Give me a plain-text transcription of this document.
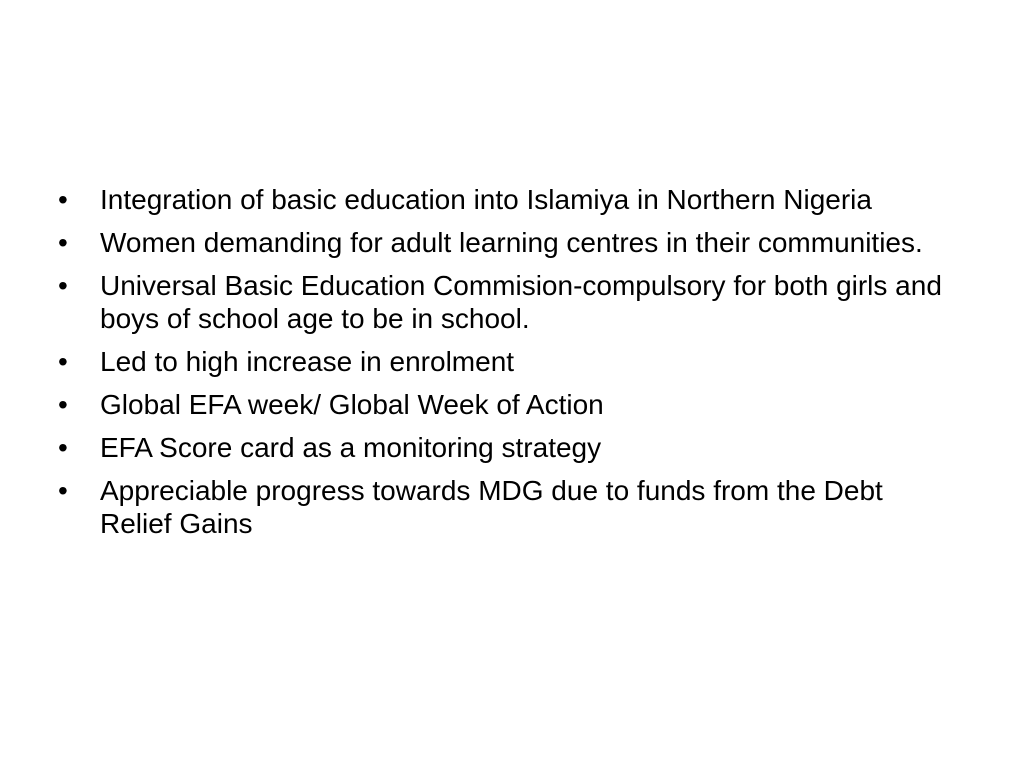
•	Integration of basic education into Islamiya in Northern Nigeria
•	Women demanding for adult learning centres in their communities.
•	Universal Basic Education Commision-compulsory for both girls and boys of school age to be in school.
•	Led to high increase in enrolment
•	Global EFA week/ Global Week of Action
•	EFA Score card as a monitoring strategy
•	Appreciable progress towards MDG due to funds from the Debt Relief Gains
